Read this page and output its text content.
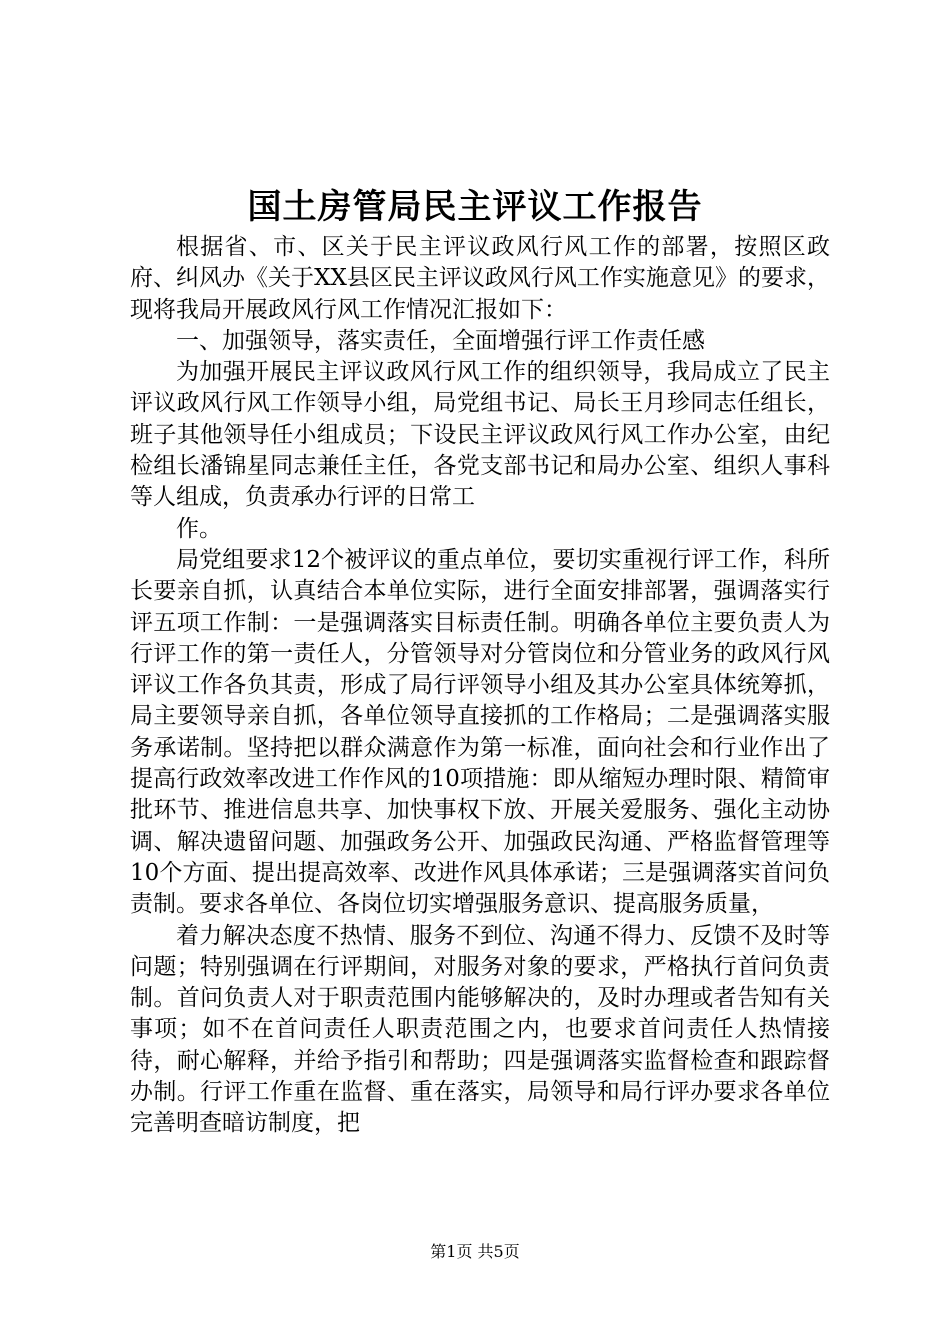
国土房管局民主评议工作报告

根据省、市、区关于民主评议政风行风工作的部署，按照区政府、纠风办《关于XX县区民主评议政风行风工作实施意见》的要求，现将我局开展政风行风工作情况汇报如下：

一、加强领导，落实责任，全面增强行评工作责任感

为加强开展民主评议政风行风工作的组织领导，我局成立了民主评议政风行风工作领导小组，局党组书记、局长王月珍同志任组长，班子其他领导任小组成员；下设民主评议政风行风工作办公室，由纪检组长潘锦星同志兼任主任，各党支部书记和局办公室、组织人事科等人组成，负责承办行评的日常工

作。

局党组要求12个被评议的重点单位，要切实重视行评工作，科所长要亲自抓，认真结合本单位实际，进行全面安排部署，强调落实行评五项工作制：一是强调落实目标责任制。明确各单位主要负责人为行评工作的第一责任人，分管领导对分管岗位和分管业务的政风行风评议工作各负其责，形成了局行评领导小组及其办公室具体统筹抓，局主要领导亲自抓，各单位领导直接抓的工作格局；二是强调落实服务承诺制。坚持把以群众满意作为第一标准，面向社会和行业作出了提高行政效率改进工作作风的10项措施：即从缩短办理时限、精简审批环节、推进信息共享、加快事权下放、开展关爱服务、强化主动协调、解决遗留问题、加强政务公开、加强政民沟通、严格监督管理等10个方面、提出提高效率、改进作风具体承诺；三是强调落实首问负责制。要求各单位、各岗位切实增强服务意识、提高服务质量，

着力解决态度不热情、服务不到位、沟通不得力、反馈不及时等问题；特别强调在行评期间，对服务对象的要求，严格执行首问负责制。首问负责人对于职责范围内能够解决的，及时办理或者告知有关事项；如不在首问责任人职责范围之内，也要求首问责任人热情接待，耐心解释，并给予指引和帮助；四是强调落实监督检查和跟踪督办制。行评工作重在监督、重在落实，局领导和局行评办要求各单位完善明查暗访制度，把

第1页 共5页
